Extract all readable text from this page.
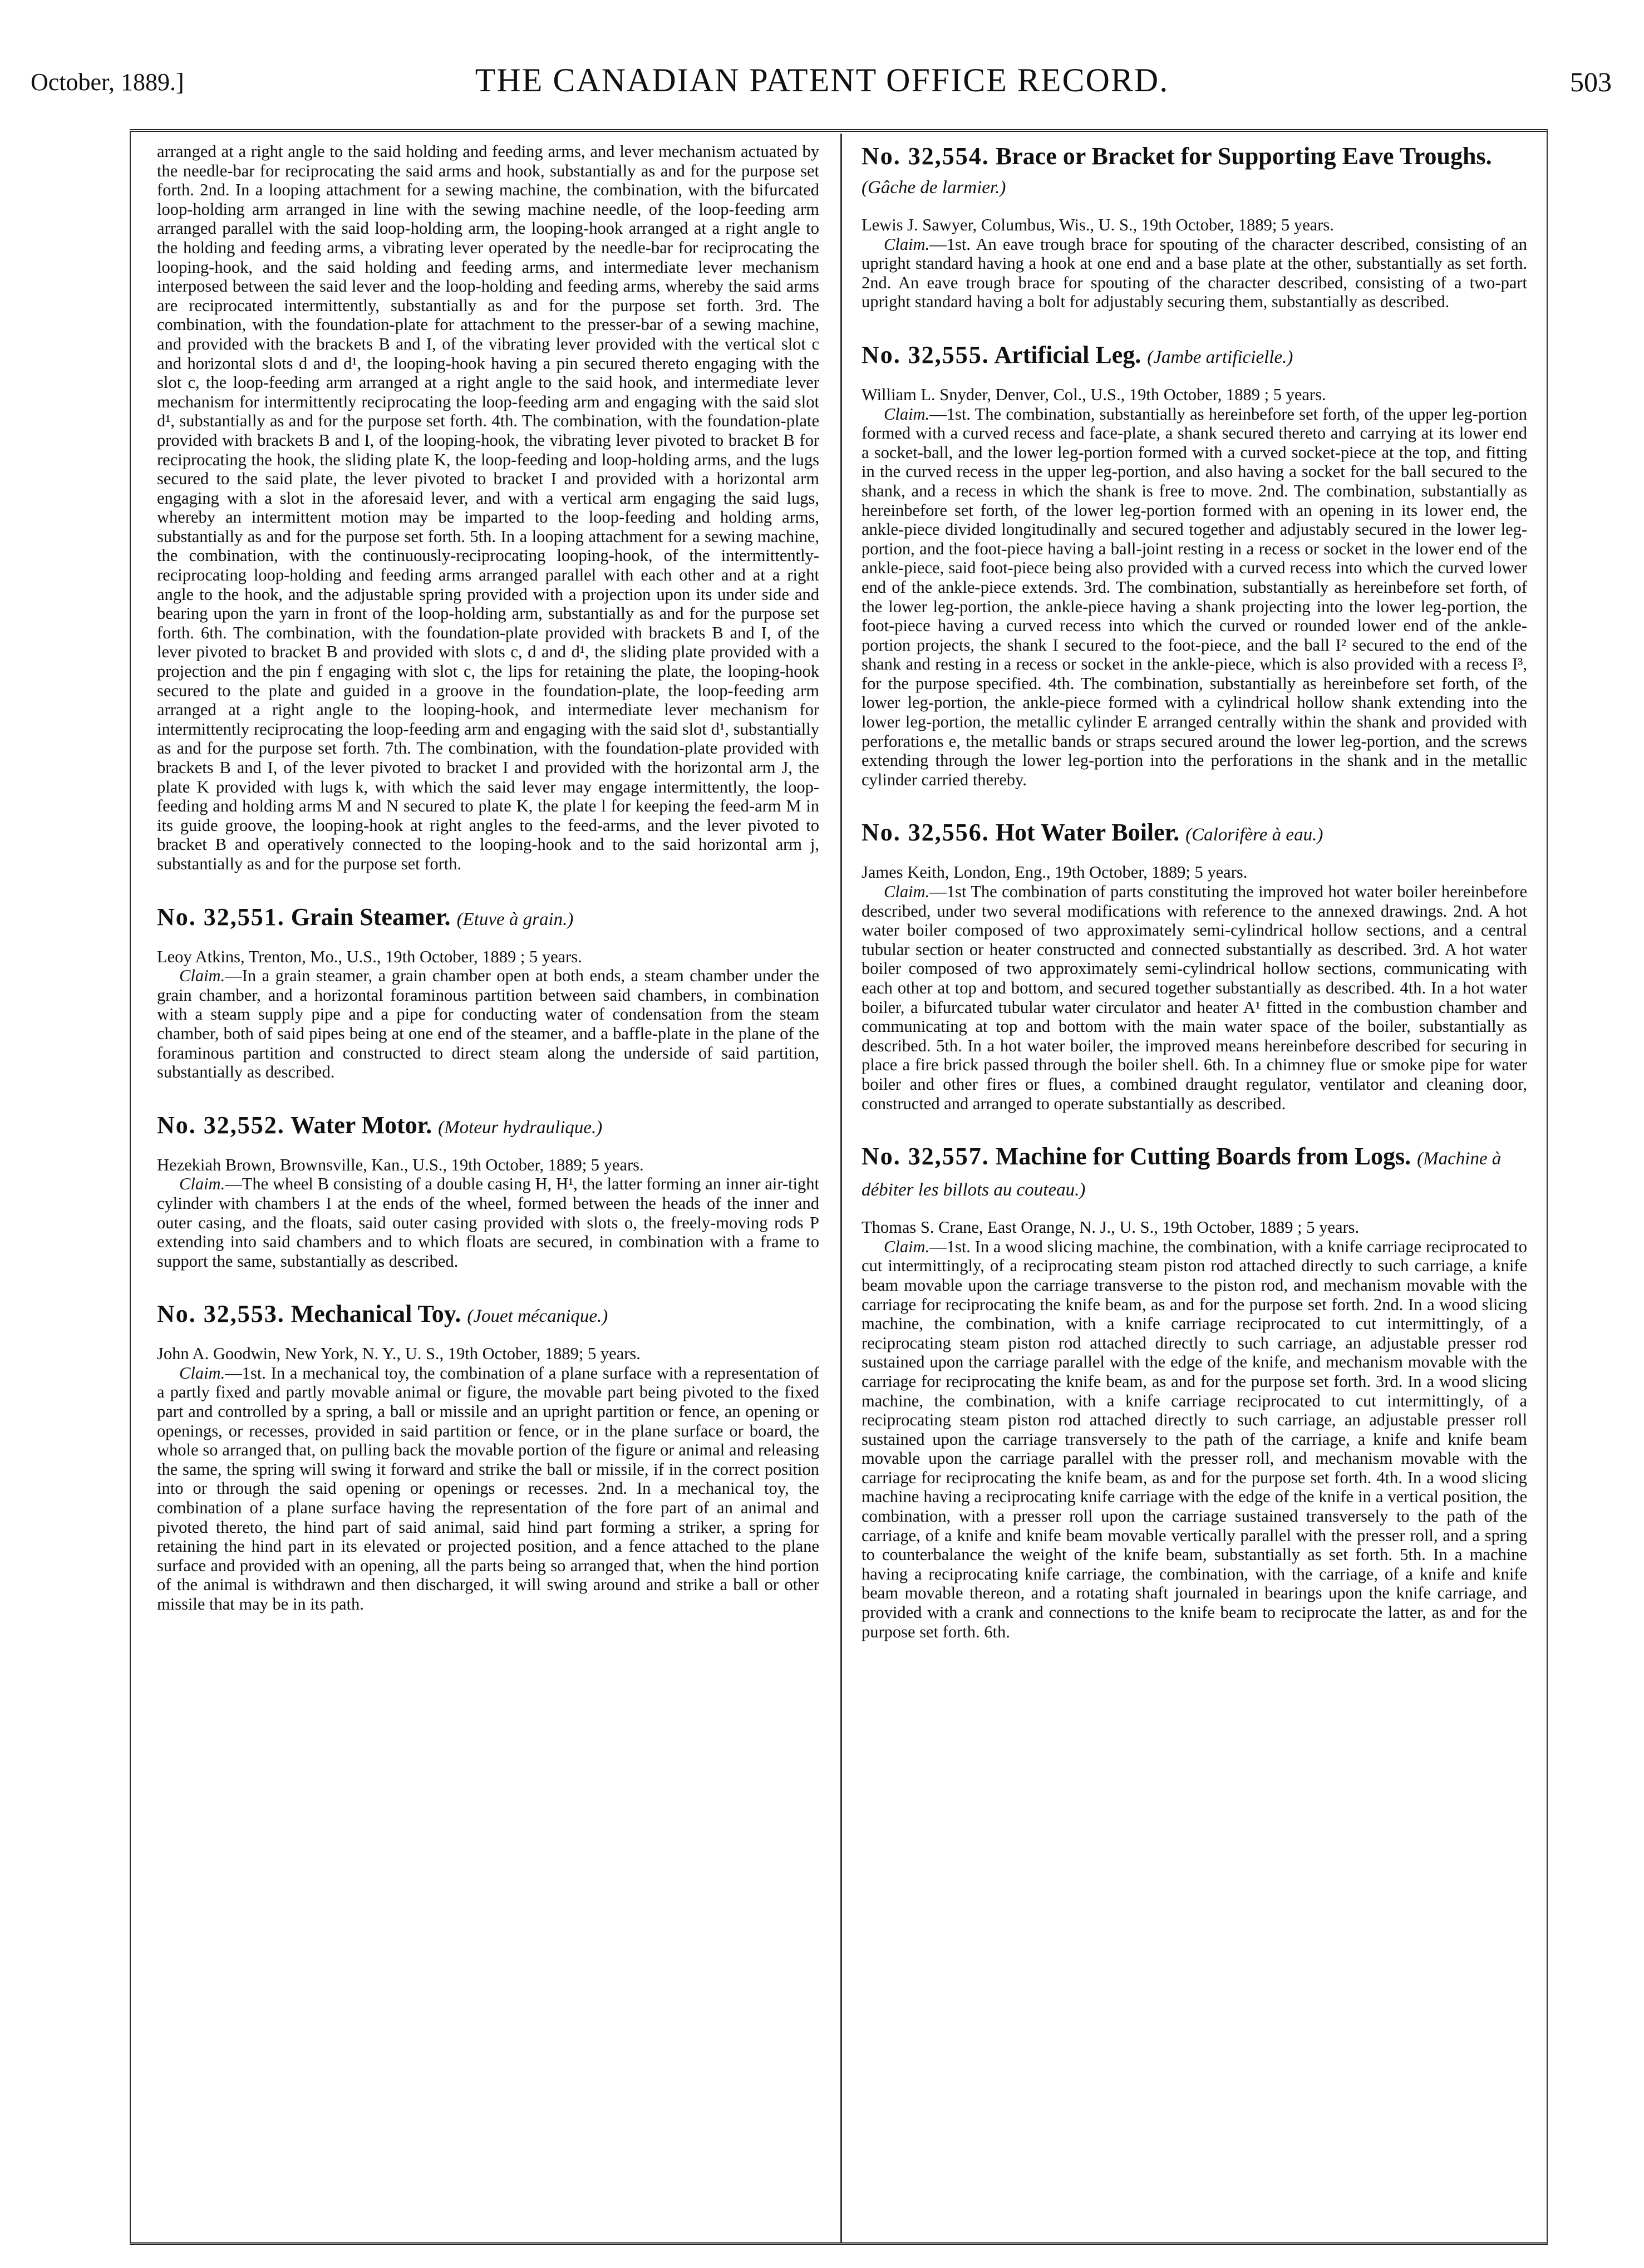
October, 1889.]	THE CANADIAN PATENT OFFICE RECORD.	503

arranged at a right angle to the said holding and feeding arms, and lever mechanism actuated by the needle-bar for reciprocating the said arms and hook, substantially as and for the purpose set forth. 2nd. In a looping attachment for a sewing machine, the combination, with the bifurcated loop-holding arm arranged in line with the sewing machine needle, of the loop-feeding arm arranged parallel with the said loop-holding arm, the looping-hook arranged at a right angle to the holding and feeding arms, a vibrating lever operated by the needle-bar for reciprocating the looping-hook, and the said holding and feeding arms, and intermediate lever mechanism interposed between the said lever and the loop-holding and feeding arms, whereby the said arms are reciprocated intermittently, substantially as and for the purpose set forth. 3rd. The combination, with the foundation-plate for attachment to the presser-bar of a sewing machine, and provided with the brackets B and I, of the vibrating lever provided with the vertical slot c and horizontal slots d and d¹, the looping-hook having a pin secured thereto engaging with the slot c, the loop-feeding arm arranged at a right angle to the said hook, and intermediate lever mechanism for intermittently reciprocating the loop-feeding arm and engaging with the said slot d¹, substantially as and for the purpose set forth. 4th. The combination, with the foundation-plate provided with brackets B and I, of the looping-hook, the vibrating lever pivoted to bracket B for reciprocating the hook, the sliding plate K, the loop-feeding and loop-holding arms, and the lugs secured to the said plate, the lever pivoted to bracket I and provided with a horizontal arm engaging with a slot in the aforesaid lever, and with a vertical arm engaging the said lugs, whereby an intermittent motion may be imparted to the loop-feeding and holding arms, substantially as and for the purpose set forth. 5th. In a looping attachment for a sewing machine, the combination, with the continuously-reciprocating looping-hook, of the intermittently-reciprocating loop-holding and feeding arms arranged parallel with each other and at a right angle to the hook, and the adjustable spring provided with a projection upon its under side and bearing upon the yarn in front of the loop-holding arm, substantially as and for the purpose set forth. 6th. The combination, with the foundation-plate provided with brackets B and I, of the lever pivoted to bracket B and provided with slots c, d and d¹, the sliding plate provided with a projection and the pin f engaging with slot c, the lips for retaining the plate, the looping-hook secured to the plate and guided in a groove in the foundation-plate, the loop-feeding arm arranged at a right angle to the looping-hook, and intermediate lever mechanism for intermittently reciprocating the loop-feeding arm and engaging with the said slot d¹, substantially as and for the purpose set forth. 7th. The combination, with the foundation-plate provided with brackets B and I, of the lever pivoted to bracket I and provided with the horizontal arm J, the plate K provided with lugs k, with which the said lever may engage intermittently, the loop-feeding and holding arms M and N secured to plate K, the plate l for keeping the feed-arm M in its guide groove, the looping-hook at right angles to the feed-arms, and the lever pivoted to bracket B and operatively connected to the looping-hook and to the said horizontal arm j, substantially as and for the purpose set forth.

No. 32,551. Grain Steamer. (Etuve à grain.)

Leoy Atkins, Trenton, Mo., U.S., 19th October, 1889 ; 5 years.

Claim.—In a grain steamer, a grain chamber open at both ends, a steam chamber under the grain chamber, and a horizontal foraminous partition between said chambers, in combination with a steam supply pipe and a pipe for conducting water of condensation from the steam chamber, both of said pipes being at one end of the steamer, and a baffle-plate in the plane of the foraminous partition and constructed to direct steam along the underside of said partition, substantially as described.

No. 32,552. Water Motor. (Moteur hydraulique.)

Hezekiah Brown, Brownsville, Kan., U.S., 19th October, 1889; 5 years.

Claim.—The wheel B consisting of a double casing H, H¹, the latter forming an inner air-tight cylinder with chambers I at the ends of the wheel, formed between the heads of the inner and outer casing, and the floats, said outer casing provided with slots o, the freely-moving rods P extending into said chambers and to which floats are secured, in combination with a frame to support the same, substantially as described.

No. 32,553. Mechanical Toy. (Jouet mécanique.)

John A. Goodwin, New York, N. Y., U. S., 19th October, 1889; 5 years.

Claim.—1st. In a mechanical toy, the combination of a plane surface with a representation of a partly fixed and partly movable animal or figure, the movable part being pivoted to the fixed part and controlled by a spring, a ball or missile and an upright partition or fence, an opening or openings, or recesses, provided in said partition or fence, or in the plane surface or board, the whole so arranged that, on pulling back the movable portion of the figure or animal and releasing the same, the spring will swing it forward and strike the ball or missile, if in the correct position into or through the said opening or openings or recesses. 2nd. In a mechanical toy, the combination of a plane surface having the representation of the fore part of an animal and pivoted thereto, the hind part of said animal, said hind part forming a striker, a spring for retaining the hind part in its elevated or projected position, and a fence attached to the plane surface and provided with an opening, all the parts being so arranged that, when the hind portion of the animal is withdrawn and then discharged, it will swing around and strike a ball or other missile that may be in its path.

No. 32,554. Brace or Bracket for Supporting Eave Troughs. (Gâche de larmier.)

Lewis J. Sawyer, Columbus, Wis., U. S., 19th October, 1889; 5 years.

Claim.—1st. An eave trough brace for spouting of the character described, consisting of an upright standard having a hook at one end and a base plate at the other, substantially as set forth. 2nd. An eave trough brace for spouting of the character described, consisting of a two-part upright standard having a bolt for adjustably securing them, substantially as described.

No. 32,555. Artificial Leg. (Jambe artificielle.)

William L. Snyder, Denver, Col., U.S., 19th October, 1889 ; 5 years.

Claim.—1st. The combination, substantially as hereinbefore set forth, of the upper leg-portion formed with a curved recess and face-plate, a shank secured thereto and carrying at its lower end a socket-ball, and the lower leg-portion formed with a curved socket-piece at the top, and fitting in the curved recess in the upper leg-portion, and also having a socket for the ball secured to the shank, and a recess in which the shank is free to move. 2nd. The combination, substantially as hereinbefore set forth, of the lower leg-portion formed with an opening in its lower end, the ankle-piece divided longitudinally and secured together and adjustably secured in the lower leg-portion, and the foot-piece having a ball-joint resting in a recess or socket in the lower end of the ankle-piece, said foot-piece being also provided with a curved recess into which the curved lower end of the ankle-piece extends. 3rd. The combination, substantially as hereinbefore set forth, of the lower leg-portion, the ankle-piece having a shank projecting into the lower leg-portion, the foot-piece having a curved recess into which the curved or rounded lower end of the ankle-portion projects, the shank I secured to the foot-piece, and the ball I² secured to the end of the shank and resting in a recess or socket in the ankle-piece, which is also provided with a recess I³, for the purpose specified. 4th. The combination, substantially as hereinbefore set forth, of the lower leg-portion, the ankle-piece formed with a cylindrical hollow shank extending into the lower leg-portion, the metallic cylinder E arranged centrally within the shank and provided with perforations e, the metallic bands or straps secured around the lower leg-portion, and the screws extending through the lower leg-portion into the perforations in the shank and in the metallic cylinder carried thereby.

No. 32,556. Hot Water Boiler. (Calorifère à eau.)

James Keith, London, Eng., 19th October, 1889; 5 years.

Claim.—1st The combination of parts constituting the improved hot water boiler hereinbefore described, under two several modifications with reference to the annexed drawings. 2nd. A hot water boiler composed of two approximately semi-cylindrical hollow sections, and a central tubular section or heater constructed and connected substantially as described. 3rd. A hot water boiler composed of two approximately semi-cylindrical hollow sections, communicating with each other at top and bottom, and secured together substantially as described. 4th. In a hot water boiler, a bifurcated tubular water circulator and heater A¹ fitted in the combustion chamber and communicating at top and bottom with the main water space of the boiler, substantially as described. 5th. In a hot water boiler, the improved means hereinbefore described for securing in place a fire brick passed through the boiler shell. 6th. In a chimney flue or smoke pipe for water boiler and other fires or flues, a combined draught regulator, ventilator and cleaning door, constructed and arranged to operate substantially as described.

No. 32,557. Machine for Cutting Boards from Logs. (Machine à débiter les billots au couteau.)

Thomas S. Crane, East Orange, N. J., U. S., 19th October, 1889 ; 5 years.

Claim.—1st. In a wood slicing machine, the combination, with a knife carriage reciprocated to cut intermittingly, of a reciprocating steam piston rod attached directly to such carriage, a knife beam movable upon the carriage transverse to the piston rod, and mechanism movable with the carriage for reciprocating the knife beam, as and for the purpose set forth. 2nd. In a wood slicing machine, the combination, with a knife carriage reciprocated to cut intermittingly, of a reciprocating steam piston rod attached directly to such carriage, an adjustable presser rod sustained upon the carriage parallel with the edge of the knife, and mechanism movable with the carriage for reciprocating the knife beam, as and for the purpose set forth. 3rd. In a wood slicing machine, the combination, with a knife carriage reciprocated to cut intermittingly, of a reciprocating steam piston rod attached directly to such carriage, an adjustable presser roll sustained upon the carriage transversely to the path of the carriage, a knife and knife beam movable upon the carriage parallel with the presser roll, and mechanism movable with the carriage for reciprocating the knife beam, as and for the purpose set forth. 4th. In a wood slicing machine having a reciprocating knife carriage with the edge of the knife in a vertical position, the combination, with a presser roll upon the carriage sustained transversely to the path of the carriage, of a knife and knife beam movable vertically parallel with the presser roll, and a spring to counterbalance the weight of the knife beam, substantially as set forth. 5th. In a machine having a reciprocating knife carriage, the combination, with the carriage, of a knife and knife beam movable thereon, and a rotating shaft journaled in bearings upon the knife carriage, and provided with a crank and connections to the knife beam to reciprocate the latter, as and for the purpose set forth. 6th.
